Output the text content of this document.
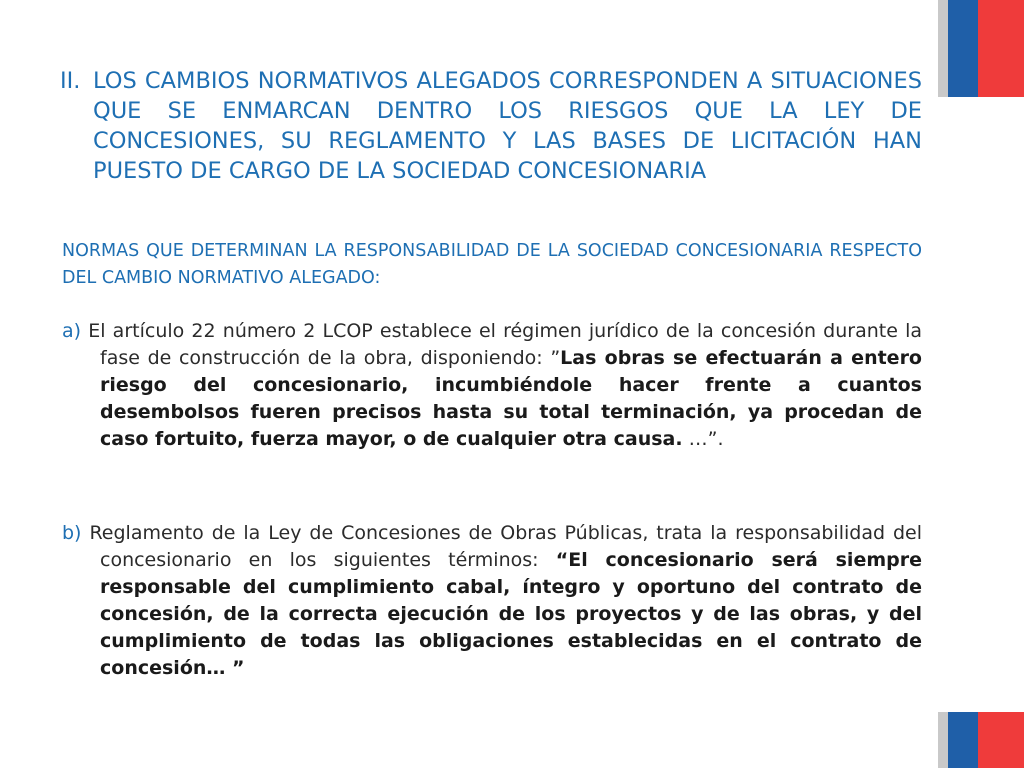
II. LOS CAMBIOS NORMATIVOS ALEGADOS CORRESPONDEN A SITUACIONES QUE SE ENMARCAN DENTRO LOS RIESGOS QUE LA LEY DE CONCESIONES, SU REGLAMENTO Y LAS BASES DE LICITACIÓN HAN PUESTO DE CARGO DE LA SOCIEDAD CONCESIONARIA
NORMAS QUE DETERMINAN LA RESPONSABILIDAD DE LA SOCIEDAD CONCESIONARIA RESPECTO DEL CAMBIO NORMATIVO ALEGADO:
a) El artículo 22 número 2 LCOP establece el régimen jurídico de la concesión durante la fase de construcción de la obra, disponiendo: ”Las obras se efectuarán a entero riesgo del concesionario, incumbiéndole hacer frente a cuantos desembolsos fueren precisos hasta su total terminación, ya procedan de caso fortuito, fuerza mayor, o de cualquier otra causa. …”.
b) Reglamento de la Ley de Concesiones de Obras Públicas, trata la responsabilidad del concesionario en los siguientes términos: “El concesionario será siempre responsable del cumplimiento cabal, íntegro y oportuno del contrato de concesión, de la correcta ejecución de los proyectos y de las obras, y del cumplimiento de todas las obligaciones establecidas en el contrato de concesión… ”
